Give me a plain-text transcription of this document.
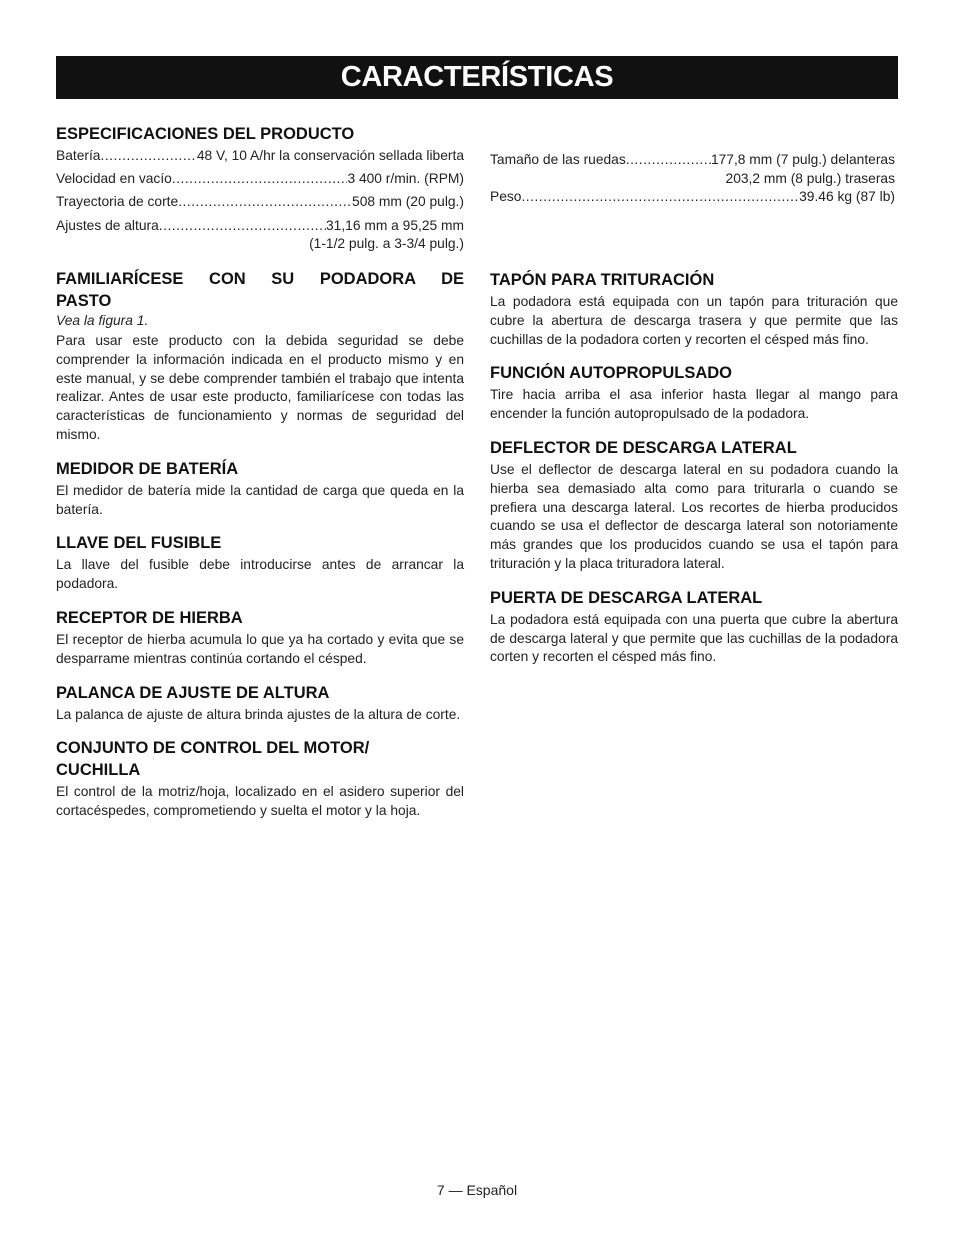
CARACTERÍSTICAS
ESPECIFICACIONES DEL PRODUCTO
Batería .....	48 V, 10 A/hr la conservación sellada liberta
Velocidad en vacío .....	3 400 r/min. (RPM)
Trayectoria de corte .....	508 mm (20 pulg.)
Ajustes de altura .....	31,16 mm a 95,25 mm
(1-1/2 pulg. a 3-3/4 pulg.)
Tamaño de las ruedas .....	177,8 mm (7 pulg.) delanteras
203,2 mm (8 pulg.) traseras
Peso .....	39.46 kg (87 lb)
FAMILIARÍCESE CON SU PODADORA DE
PASTO

Vea la figura 1.

Para usar este producto con la debida seguridad se debe comprender la información indicada en el producto mismo y en este manual, y se debe comprender también el trabajo que intenta realizar. Antes de usar este producto, familiarícese con todas las características de funcionamiento y normas de seguridad del mismo.

MEDIDOR DE BATERÍA

El medidor de batería mide la cantidad de carga que queda en la batería.

LLAVE DEL FUSIBLE

La llave del fusible debe introducirse antes de arrancar la podadora.

RECEPTOR DE HIERBA

El receptor de hierba acumula lo que ya ha cortado y evita que se desparrame mientras continúa cortando el césped.

PALANCA DE AJUSTE DE ALTURA

La palanca de ajuste de altura brinda ajustes de la altura de corte.

CONJUNTO DE CONTROL DEL MOTOR/ CUCHILLA

El control de la motriz/hoja, localizado en el asidero superior del cortacéspedes, comprometiendo y suelta el motor y la hoja.

TAPÓN PARA TRITURACIÓN

La podadora está equipada con un tapón para trituración que cubre la abertura de descarga trasera y que permite que las cuchillas de la podadora corten y recorten el césped más fino.

FUNCIÓN AUTOPROPULSADO

Tire hacia arriba el asa inferior hasta llegar al mango para encender la función autopropulsado de la podadora.

DEFLECTOR DE DESCARGA LATERAL

Use el deflector de descarga lateral en su podadora cuando la hierba sea demasiado alta como para triturarla o cuando se prefiera una descarga lateral. Los recortes de hierba producidos cuando se usa el deflector de descarga lateral son notoriamente más grandes que los producidos cuando se usa el tapón para trituración y la placa trituradora lateral.

PUERTA DE DESCARGA LATERAL

La podadora está equipada con una puerta que cubre la abertura de descarga lateral y que permite que las cuchillas de la podadora corten y recorten el césped más fino.

7 — Español
